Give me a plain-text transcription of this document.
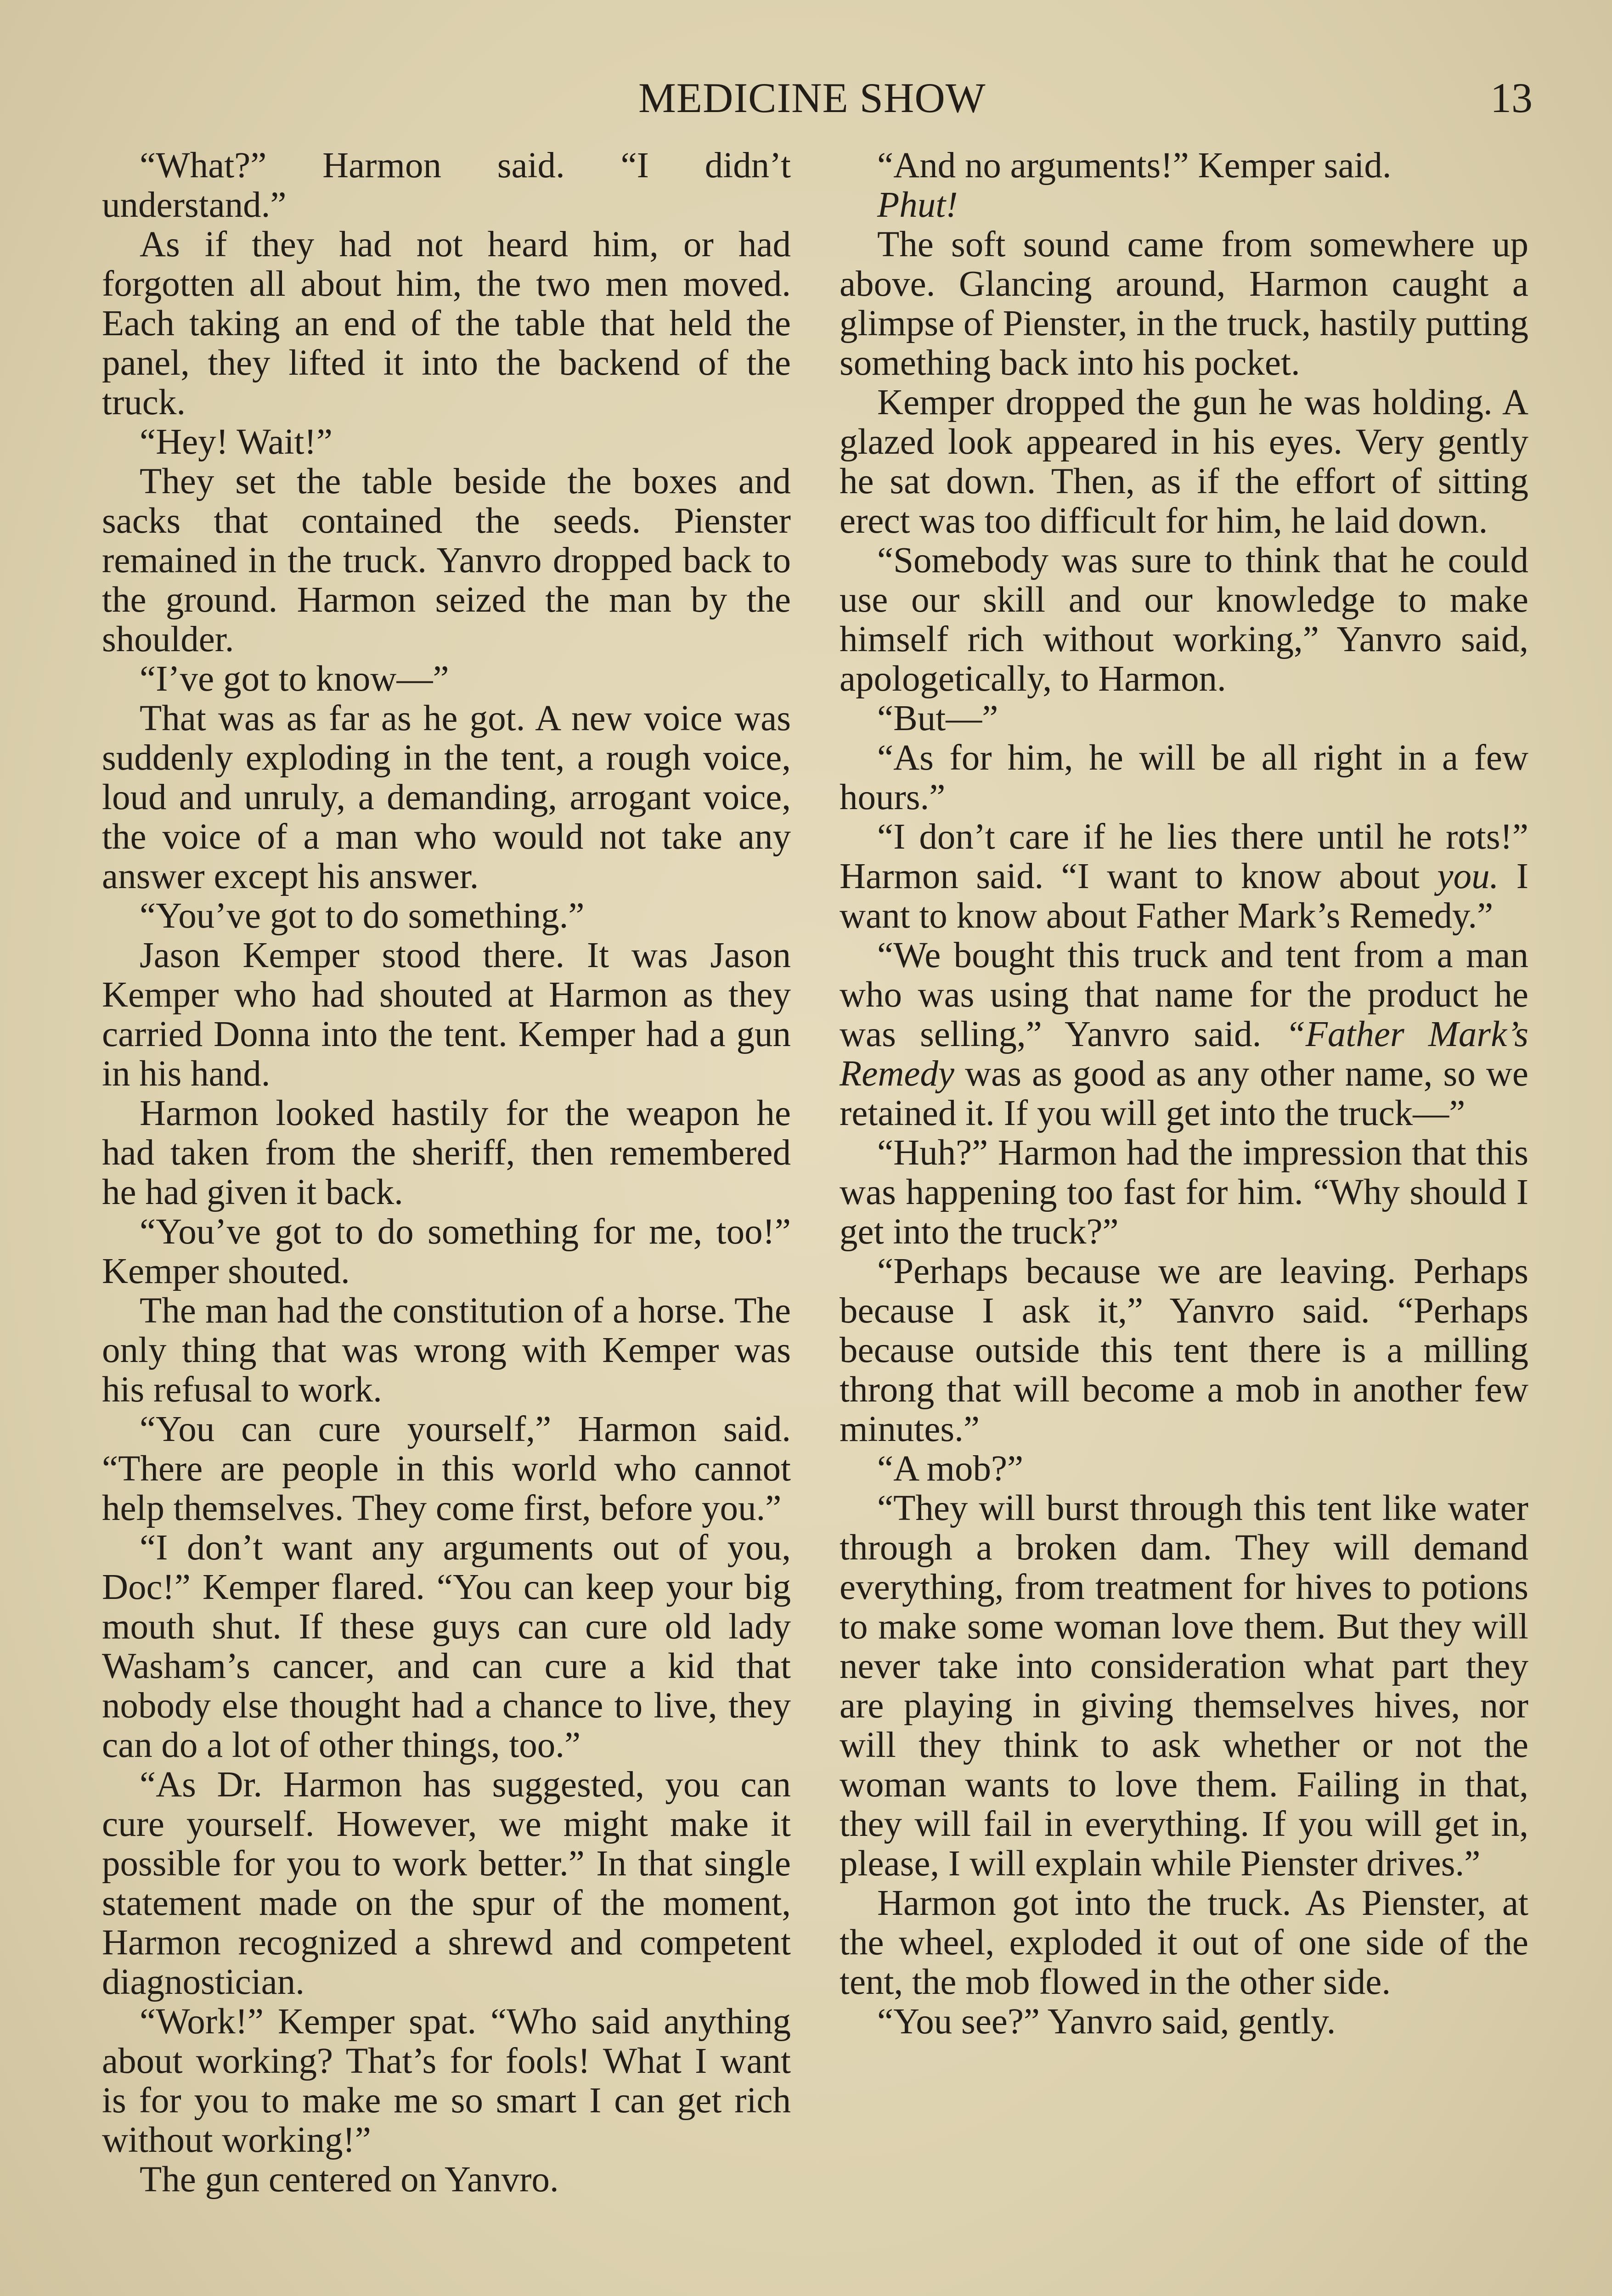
MEDICINE SHOW	13

“What?” Harmon said. “I didn’t understand.”

As if they had not heard him, or had forgotten all about him, the two men moved. Each taking an end of the table that held the panel, they lifted it into the backend of the truck.

“Hey! Wait!”

They set the table beside the boxes and sacks that contained the seeds. Pienster remained in the truck. Yanvro dropped back to the ground. Harmon seized the man by the shoulder.

“I’ve got to know—”

That was as far as he got. A new voice was suddenly exploding in the tent, a rough voice, loud and unruly, a demanding, arrogant voice, the voice of a man who would not take any answer except his answer.

“You’ve got to do something.”

Jason Kemper stood there. It was Jason Kemper who had shouted at Harmon as they carried Donna into the tent. Kemper had a gun in his hand.

Harmon looked hastily for the weapon he had taken from the sheriff, then remembered he had given it back.

“You’ve got to do something for me, too!” Kemper shouted.

The man had the constitution of a horse. The only thing that was wrong with Kemper was his refusal to work.

“You can cure yourself,” Harmon said. “There are people in this world who cannot help themselves. They come first, before you.”

“I don’t want any arguments out of you, Doc!” Kemper flared. “You can keep your big mouth shut. If these guys can cure old lady Washam’s cancer, and can cure a kid that nobody else thought had a chance to live, they can do a lot of other things, too.”

“As Dr. Harmon has suggested, you can cure yourself. However, we might make it possible for you to work better.” In that single statement made on the spur of the moment, Harmon recognized a shrewd and competent diagnostician.

“Work!” Kemper spat. “Who said anything about working? That’s for fools! What I want is for you to make me so smart I can get rich without working!”

The gun centered on Yanvro.

“And no arguments!” Kemper said.

Phut!

The soft sound came from somewhere up above. Glancing around, Harmon caught a glimpse of Pienster, in the truck, hastily putting something back into his pocket.

Kemper dropped the gun he was holding. A glazed look appeared in his eyes. Very gently he sat down. Then, as if the effort of sitting erect was too difficult for him, he laid down.

“Somebody was sure to think that he could use our skill and our knowledge to make himself rich without working,” Yanvro said, apologetically, to Harmon.

“But—”

“As for him, he will be all right in a few hours.”

“I don’t care if he lies there until he rots!” Harmon said. “I want to know about you. I want to know about Father Mark’s Remedy.”

“We bought this truck and tent from a man who was using that name for the product he was selling,” Yanvro said. “Father Mark’s Remedy was as good as any other name, so we retained it. If you will get into the truck—”

“Huh?” Harmon had the impression that this was happening too fast for him. “Why should I get into the truck?”

“Perhaps because we are leaving. Perhaps because I ask it,” Yanvro said. “Perhaps because outside this tent there is a milling throng that will become a mob in another few minutes.”

“A mob?”

“They will burst through this tent like water through a broken dam. They will demand everything, from treatment for hives to potions to make some woman love them. But they will never take into consideration what part they are playing in giving themselves hives, nor will they think to ask whether or not the woman wants to love them. Failing in that, they will fail in everything. If you will get in, please, I will explain while Pienster drives.”

Harmon got into the truck. As Pienster, at the wheel, exploded it out of one side of the tent, the mob flowed in the other side.

“You see?” Yanvro said, gently.
